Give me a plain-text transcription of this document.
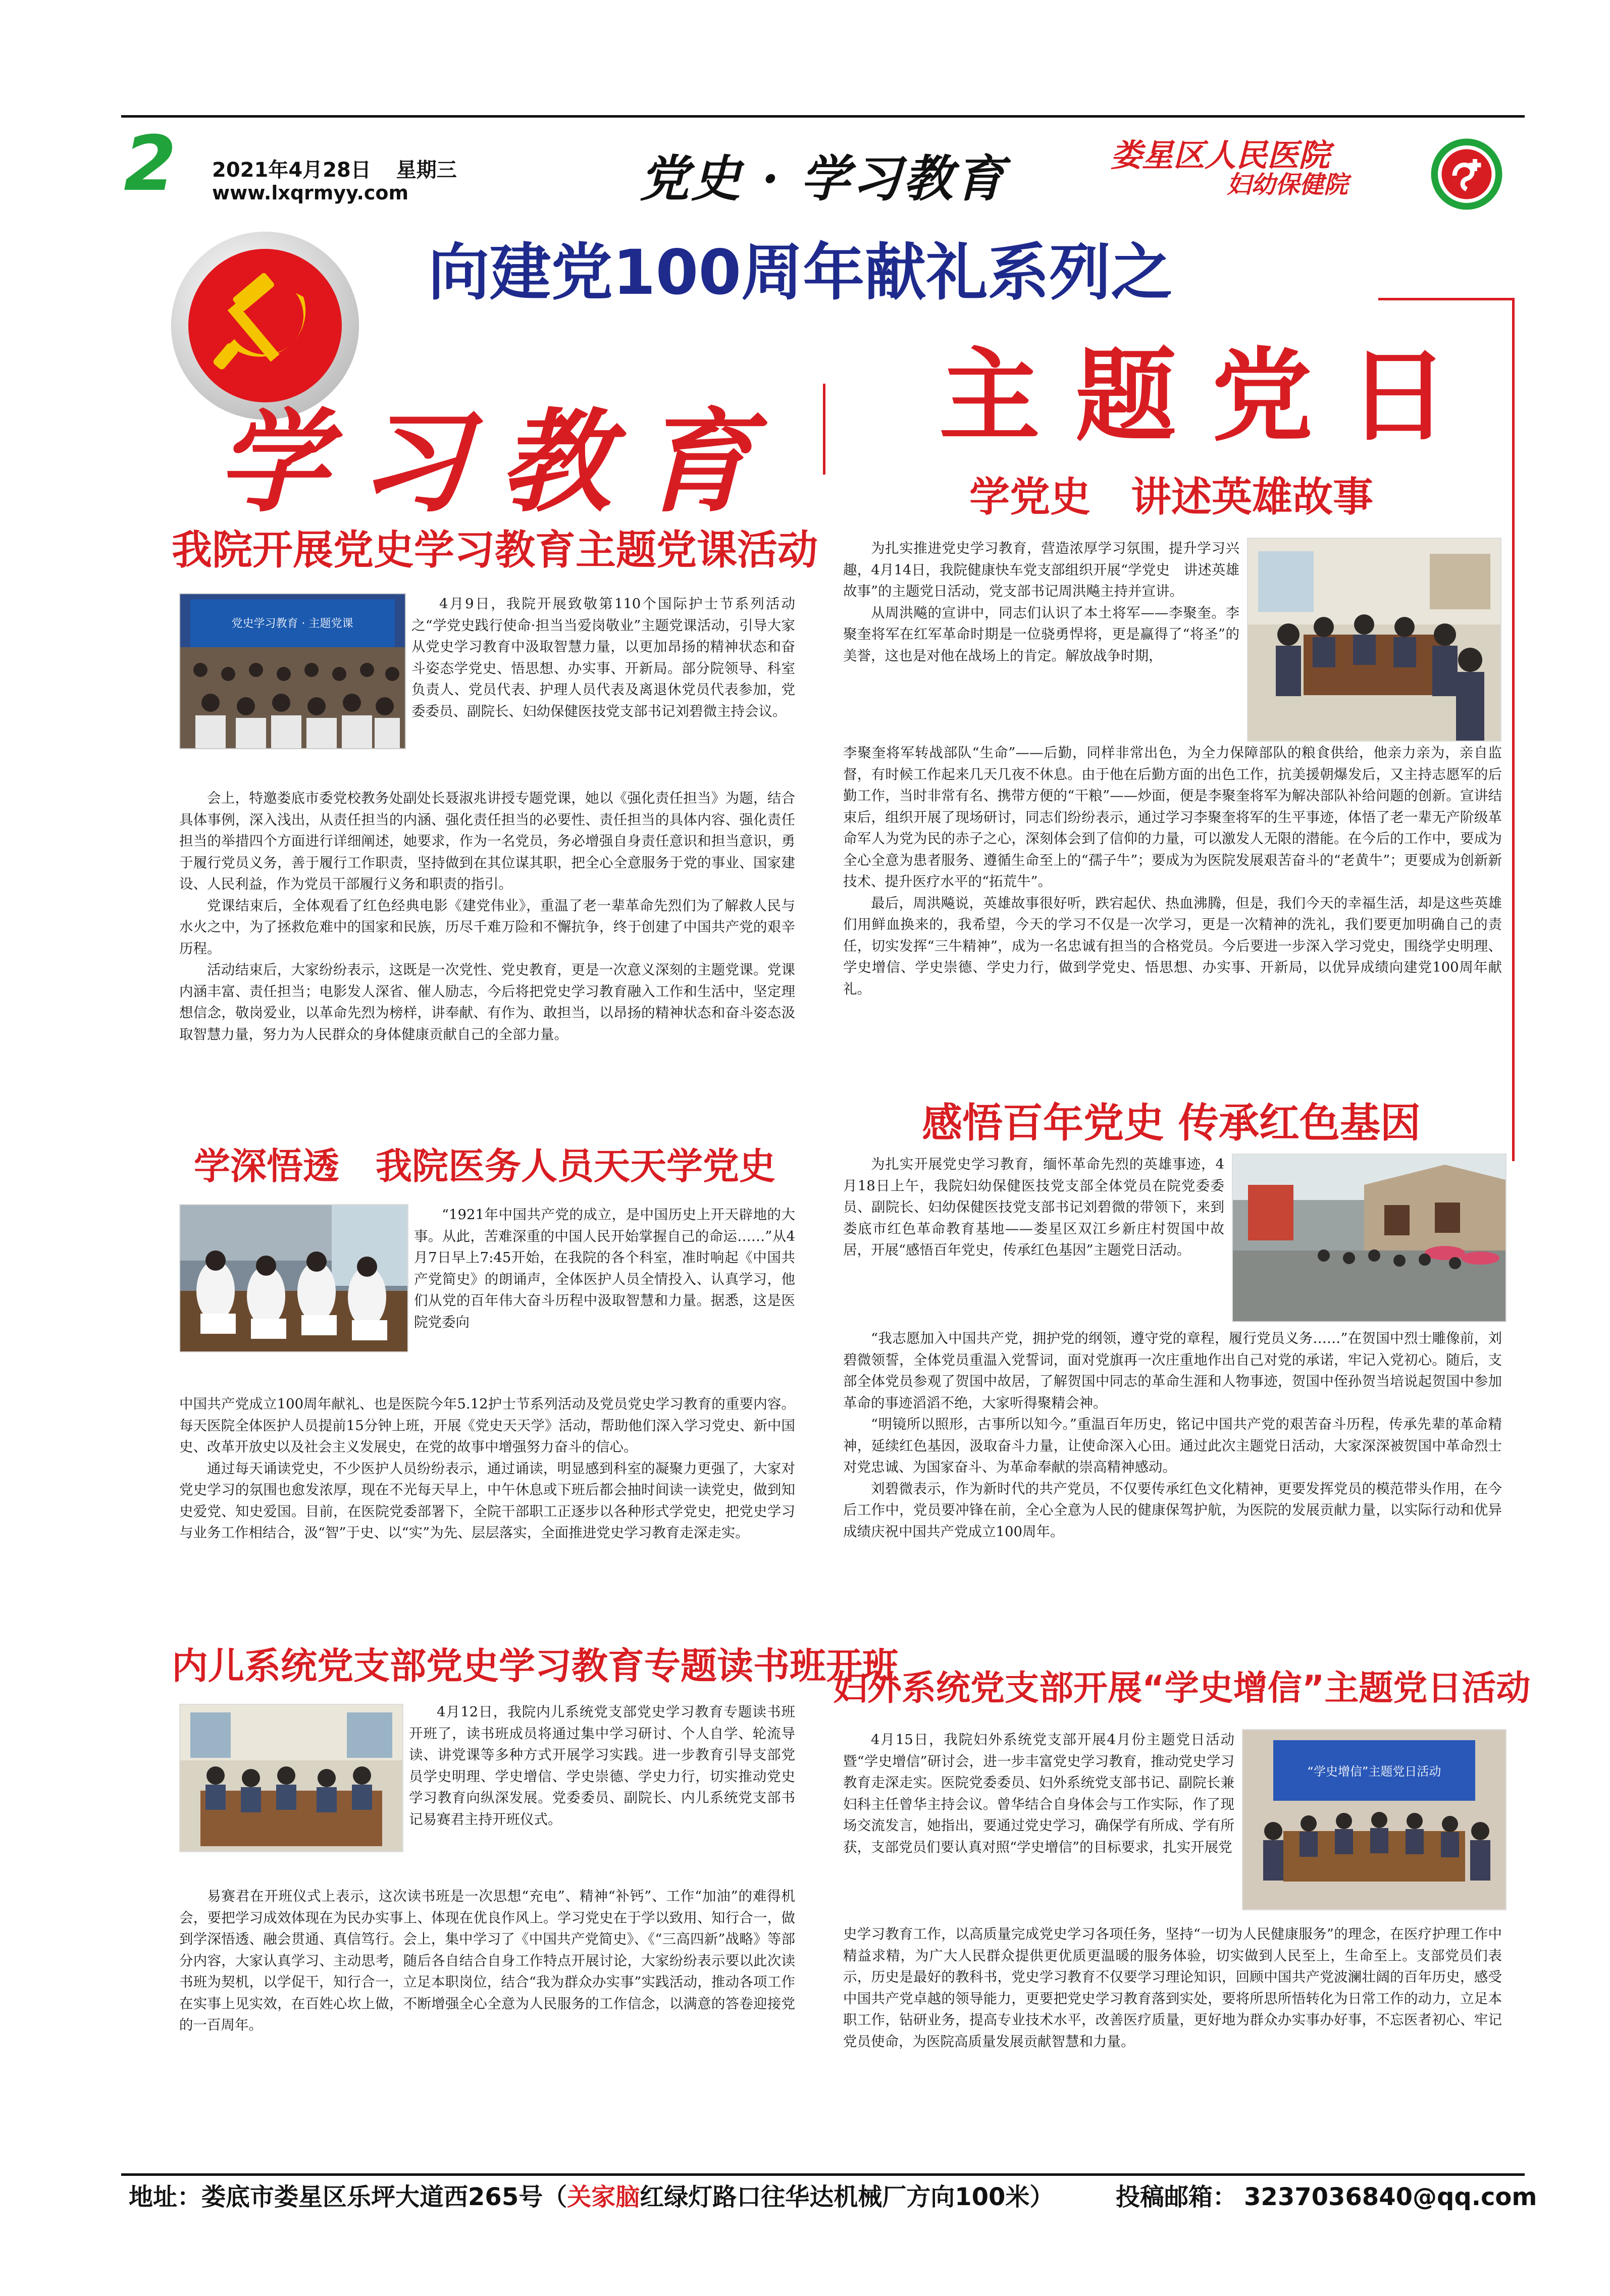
2 2021年4月28日 星期三
www.lxqrmyy.com	党史 · 学习教育	娄星区人民医院
妇幼保健院
向建党100周年献礼系列之
学习教育
主题党日
我院开展党史学习教育主题党课活动
党史学习教育 · 主题党课

4月9日，我院开展致敬第110个国际护士节系列活动之“学党史践行使命·担当当爱岗敬业”主题党课活动，引导大家从党史学习教育中汲取智慧力量，以更加昂扬的精神状态和奋斗姿态学党史、悟思想、办实事、开新局。部分院领导、科室负责人、党员代表、护理人员代表及离退休党员代表参加，党委委员、副院长、妇幼保健医技党支部书记刘碧微主持会议。

会上，特邀娄底市委党校教务处副处长聂淑兆讲授专题党课，她以《强化责任担当》为题，结合具体事例，深入浅出，从责任担当的内涵、强化责任担当的必要性、责任担当的具体内容、强化责任担当的举措四个方面进行详细阐述，她要求，作为一名党员，务必增强自身责任意识和担当意识，勇于履行党员义务，善于履行工作职责，坚持做到在其位谋其职，把全心全意服务于党的事业、国家建设、人民利益，作为党员干部履行义务和职责的指引。

党课结束后，全体观看了红色经典电影《建党伟业》，重温了老一辈革命先烈们为了解救人民与水火之中，为了拯救危难中的国家和民族，历尽千难万险和不懈抗争，终于创建了中国共产党的艰辛历程。

活动结束后，大家纷纷表示，这既是一次党性、党史教育，更是一次意义深刻的主题党课。党课内涵丰富、责任担当；电影发人深省、催人励志，今后将把党史学习教育融入工作和生活中，坚定理想信念，敬岗爱业，以革命先烈为榜样，讲奉献、有作为、敢担当，以昂扬的精神状态和奋斗姿态汲取智慧力量，努力为人民群众的身体健康贡献自己的全部力量。

学深悟透　我院医务人员天天学党史

“1921年中国共产党的成立，是中国历史上开天辟地的大事。从此，苦难深重的中国人民开始掌握自己的命运……”从4月7日早上7:45开始，在我院的各个科室，准时响起《中国共产党简史》的朗诵声，全体医护人员全情投入、认真学习，他们从党的百年伟大奋斗历程中汲取智慧和力量。据悉，这是医院党委向

中国共产党成立100周年献礼、也是医院今年5.12护士节系列活动及党员党史学习教育的重要内容。每天医院全体医护人员提前15分钟上班，开展《党史天天学》活动，帮助他们深入学习党史、新中国史、改革开放史以及社会主义发展史，在党的故事中增强努力奋斗的信心。

通过每天诵读党史，不少医护人员纷纷表示，通过诵读，明显感到科室的凝聚力更强了，大家对党史学习的氛围也愈发浓厚，现在不光每天早上，中午休息或下班后都会抽时间读一读党史，做到知史爱党、知史爱国。目前，在医院党委部署下，全院干部职工正逐步以各种形式学党史，把党史学习与业务工作相结合，汲“智”于史、以“实”为先、层层落实，全面推进党史学习教育走深走实。

内儿系统党支部党史学习教育专题读书班开班

4月12日，我院内儿系统党支部党史学习教育专题读书班开班了，读书班成员将通过集中学习研讨、个人自学、轮流导读、讲党课等多种方式开展学习实践。进一步教育引导支部党员学史明理、学史增信、学史崇德、学史力行，切实推动党史学习教育向纵深发展。党委委员、副院长、内儿系统党支部书记易赛君主持开班仪式。

易赛君在开班仪式上表示，这次读书班是一次思想“充电”、精神“补钙”、工作“加油”的难得机会，要把学习成效体现在为民办实事上、体现在优良作风上。学习党史在于学以致用、知行合一，做到学深悟透、融会贯通、真信笃行。会上，集中学习了《中国共产党简史》、《“三高四新”战略》等部分内容，大家认真学习、主动思考，随后各自结合自身工作特点开展讨论，大家纷纷表示要以此次读书班为契机，以学促干，知行合一，立足本职岗位，结合“我为群众办实事”实践活动，推动各项工作在实事上见实效，在百姓心坎上做，不断增强全心全意为人民服务的工作信念，以满意的答卷迎接党的一百周年。

学党史　讲述英雄故事

为扎实推进党史学习教育，营造浓厚学习氛围，提升学习兴趣，4月14日，我院健康快车党支部组织开展“学党史　讲述英雄故事”的主题党日活动，党支部书记周洪飚主持并宣讲。

从周洪飚的宣讲中，同志们认识了本土将军——李聚奎。李聚奎将军在红军革命时期是一位骁勇悍将，更是赢得了“将圣”的美誉，这也是对他在战场上的肯定。解放战争时期，

李聚奎将军转战部队“生命”——后勤，同样非常出色，为全力保障部队的粮食供给，他亲力亲为，亲自监督，有时候工作起来几天几夜不休息。由于他在后勤方面的出色工作，抗美援朝爆发后，又主持志愿军的后勤工作，当时非常有名、携带方便的“干粮”——炒面，便是李聚奎将军为解决部队补给问题的创新。宣讲结束后，组织开展了现场研讨，同志们纷纷表示，通过学习李聚奎将军的生平事迹，体悟了老一辈无产阶级革命军人为党为民的赤子之心，深刻体会到了信仰的力量，可以激发人无限的潜能。在今后的工作中，要成为全心全意为患者服务、遵循生命至上的“孺子牛”；要成为为医院发展艰苦奋斗的“老黄牛”；更要成为创新新技术、提升医疗水平的“拓荒牛”。

最后，周洪飚说，英雄故事很好听，跌宕起伏、热血沸腾，但是，我们今天的幸福生活，却是这些英雄们用鲜血换来的，我希望，今天的学习不仅是一次学习，更是一次精神的洗礼，我们要更加明确自己的责任，切实发挥“三牛精神”，成为一名忠诚有担当的合格党员。今后要进一步深入学习党史，围绕学史明理、学史增信、学史崇德、学史力行，做到学党史、悟思想、办实事、开新局，以优异成绩向建党100周年献礼。

感悟百年党史 传承红色基因

为扎实开展党史学习教育，缅怀革命先烈的英雄事迹，4月18日上午，我院妇幼保健医技党支部全体党员在院党委委员、副院长、妇幼保健医技党支部书记刘碧微的带领下，来到娄底市红色革命教育基地——娄星区双江乡新庄村贺国中故居，开展“感悟百年党史，传承红色基因”主题党日活动。

“我志愿加入中国共产党，拥护党的纲领，遵守党的章程，履行党员义务……”在贺国中烈士雕像前，刘碧微领誓，全体党员重温入党誓词，面对党旗再一次庄重地作出自己对党的承诺，牢记入党初心。随后，支部全体党员参观了贺国中故居，了解贺国中同志的革命生涯和人物事迹，贺国中侄孙贺当培说起贺国中参加革命的事迹滔滔不绝，大家听得聚精会神。

“明镜所以照形，古事所以知今。”重温百年历史，铭记中国共产党的艰苦奋斗历程，传承先辈的革命精神，延续红色基因，汲取奋斗力量，让使命深入心田。通过此次主题党日活动，大家深深被贺国中革命烈士对党忠诚、为国家奋斗、为革命奉献的崇高精神感动。

刘碧微表示，作为新时代的共产党员，不仅要传承红色文化精神，更要发挥党员的模范带头作用，在今后工作中，党员要冲锋在前，全心全意为人民的健康保驾护航，为医院的发展贡献力量，以实际行动和优异成绩庆祝中国共产党成立100周年。

妇外系统党支部开展“学史增信”主题党日活动
“学史增信”主题党日活动

4月15日，我院妇外系统党支部开展4月份主题党日活动暨“学史增信”研讨会，进一步丰富党史学习教育，推动党史学习教育走深走实。医院党委委员、妇外系统党支部书记、副院长兼妇科主任曾华主持会议。曾华结合自身体会与工作实际，作了现场交流发言，她指出，要通过党史学习，确保学有所成、学有所获，支部党员们要认真对照“学史增信”的目标要求，扎实开展党

史学习教育工作，以高质量完成党史学习各项任务，坚持“一切为人民健康服务”的理念，在医疗护理工作中精益求精，为广大人民群众提供更优质更温暖的服务体验，切实做到人民至上，生命至上。支部党员们表示，历史是最好的教科书，党史学习教育不仅要学习理论知识，回顾中国共产党波澜壮阔的百年历史，感受中国共产党卓越的领导能力，更要把党史学习教育落到实处，要将所思所悟转化为日常工作的动力，立足本职工作，钻研业务，提高专业技术水平，改善医疗质量，更好地为群众办实事办好事，不忘医者初心、牢记党员使命，为医院高质量发展贡献智慧和力量。

地址：娄底市娄星区乐坪大道西265号（关家脑红绿灯路口往华达机械厂方向100米）	投稿邮箱： 3237036840@qq.com
